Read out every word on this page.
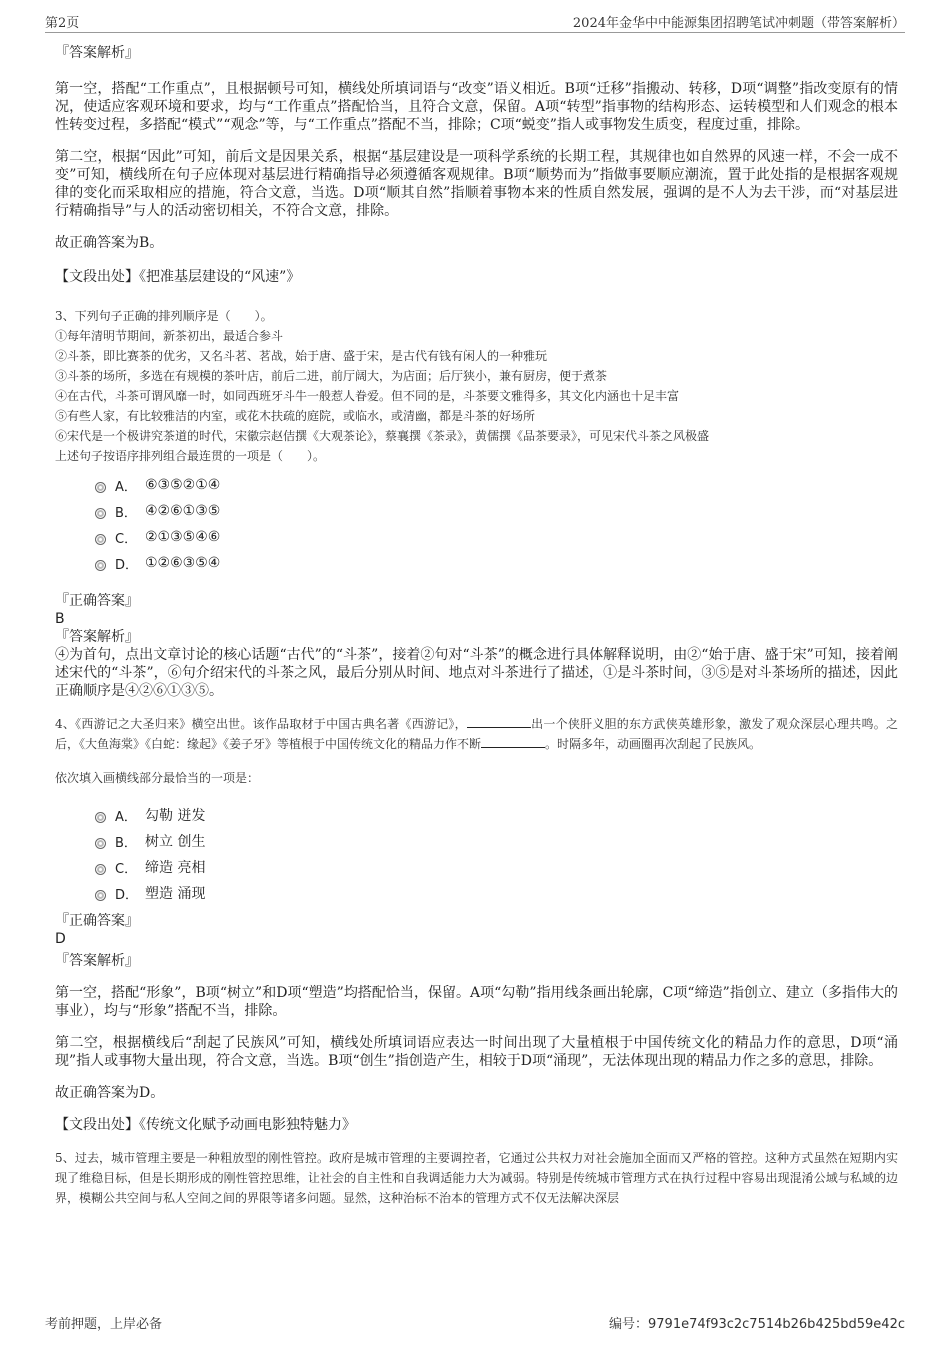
第2页	2024年金华中中能源集团招聘笔试冲刺题（带答案解析）

『答案解析』

第一空，搭配“工作重点”，且根据顿号可知，横线处所填词语与“改变”语义相近。B项“迁移”指搬动、转移，D项“调整”指改变原有的情况，使适应客观环境和要求，均与“工作重点”搭配恰当，且符合文意，保留。A项“转型”指事物的结构形态、运转模型和人们观念的根本性转变过程，多搭配“模式”“观念”等，与“工作重点”搭配不当，排除；C项“蜕变”指人或事物发生质变，程度过重，排除。

第二空，根据“因此”可知，前后文是因果关系，根据“基层建设是一项科学系统的长期工程，其规律也如自然界的风速一样，不会一成不变”可知，横线所在句子应体现对基层进行精确指导必须遵循客观规律。B项“顺势而为”指做事要顺应潮流，置于此处指的是根据客观规律的变化而采取相应的措施，符合文意，当选。D项“顺其自然”指顺着事物本来的性质自然发展，强调的是不人为去干涉，而“对基层进行精确指导”与人的活动密切相关，不符合文意，排除。

故正确答案为B。

【文段出处】《把准基层建设的“风速”》

3、下列句子正确的排列顺序是（　　）。

①每年清明节期间，新茶初出，最适合参斗

②斗茶，即比赛茶的优劣，又名斗茗、茗战，始于唐、盛于宋，是古代有钱有闲人的一种雅玩

③斗茶的场所，多选在有规模的茶叶店，前后二进，前厅阔大，为店面；后厅狭小，兼有厨房，便于煮茶

④在古代，斗茶可谓风靡一时，如同西班牙斗牛一般惹人眷爱。但不同的是，斗茶要文雅得多，其文化内涵也十足丰富

⑤有些人家，有比较雅洁的内室，或花木扶疏的庭院，或临水，或清幽，都是斗茶的好场所

⑥宋代是一个极讲究茶道的时代，宋徽宗赵佶撰《大观茶论》，蔡襄撰《茶录》，黄儒撰《品茶要录》，可见宋代斗茶之风极盛

上述句子按语序排列组合最连贯的一项是（　　）。

A． ⑥③⑤②①④
B． ④②⑥①③⑤
C． ②①③⑤④⑥
D． ①②⑥③⑤④

『正确答案』

B

『答案解析』

④为首句，点出文章讨论的核心话题“古代”的“斗茶”，接着②句对“斗茶”的概念进行具体解释说明，由②“始于唐、盛于宋”可知，接着阐述宋代的“斗茶”，⑥句介绍宋代的斗茶之风，最后分别从时间、地点对斗茶进行了描述，①是斗茶时间，③⑤是对斗茶场所的描述，因此正确顺序是④②⑥①③⑤。

4、《西游记之大圣归来》横空出世。该作品取材于中国古典名著《西游记》，	出一个侠肝义胆的东方武侠英雄形象，激发了观众深层心理共鸣。之后，《大鱼海棠》《白蛇：缘起》《姜子牙》等植根于中国传统文化的精品力作不断	。时隔多年，动画圈再次刮起了民族风。

依次填入画横线部分最恰当的一项是：

A． 勾勒 迸发
B． 树立 创生
C． 缔造 亮相
D． 塑造 涌现

『正确答案』

D

『答案解析』

第一空，搭配“形象”，B项“树立”和D项“塑造”均搭配恰当，保留。A项“勾勒”指用线条画出轮廓，C项“缔造”指创立、建立（多指伟大的事业），均与“形象”搭配不当，排除。

第二空，根据横线后“刮起了民族风”可知，横线处所填词语应表达一时间出现了大量植根于中国传统文化的精品力作的意思，D项“涌现”指人或事物大量出现，符合文意，当选。B项“创生”指创造产生，相较于D项“涌现”，无法体现出现的精品力作之多的意思，排除。

故正确答案为D。

【文段出处】《传统文化赋予动画电影独特魅力》

5、过去，城市管理主要是一种粗放型的刚性管控。政府是城市管理的主要调控者，它通过公共权力对社会施加全面而又严格的管控。这种方式虽然在短期内实现了维稳目标，但是长期形成的刚性管控思维，让社会的自主性和自我调适能力大为减弱。特别是传统城市管理方式在执行过程中容易出现混淆公域与私域的边界，模糊公共空间与私人空间之间的界限等诸多问题。显然，这种治标不治本的管理方式不仅无法解决深层

考前押题，上岸必备	编号：9791e74f93c2c7514b26b425bd59e42c
